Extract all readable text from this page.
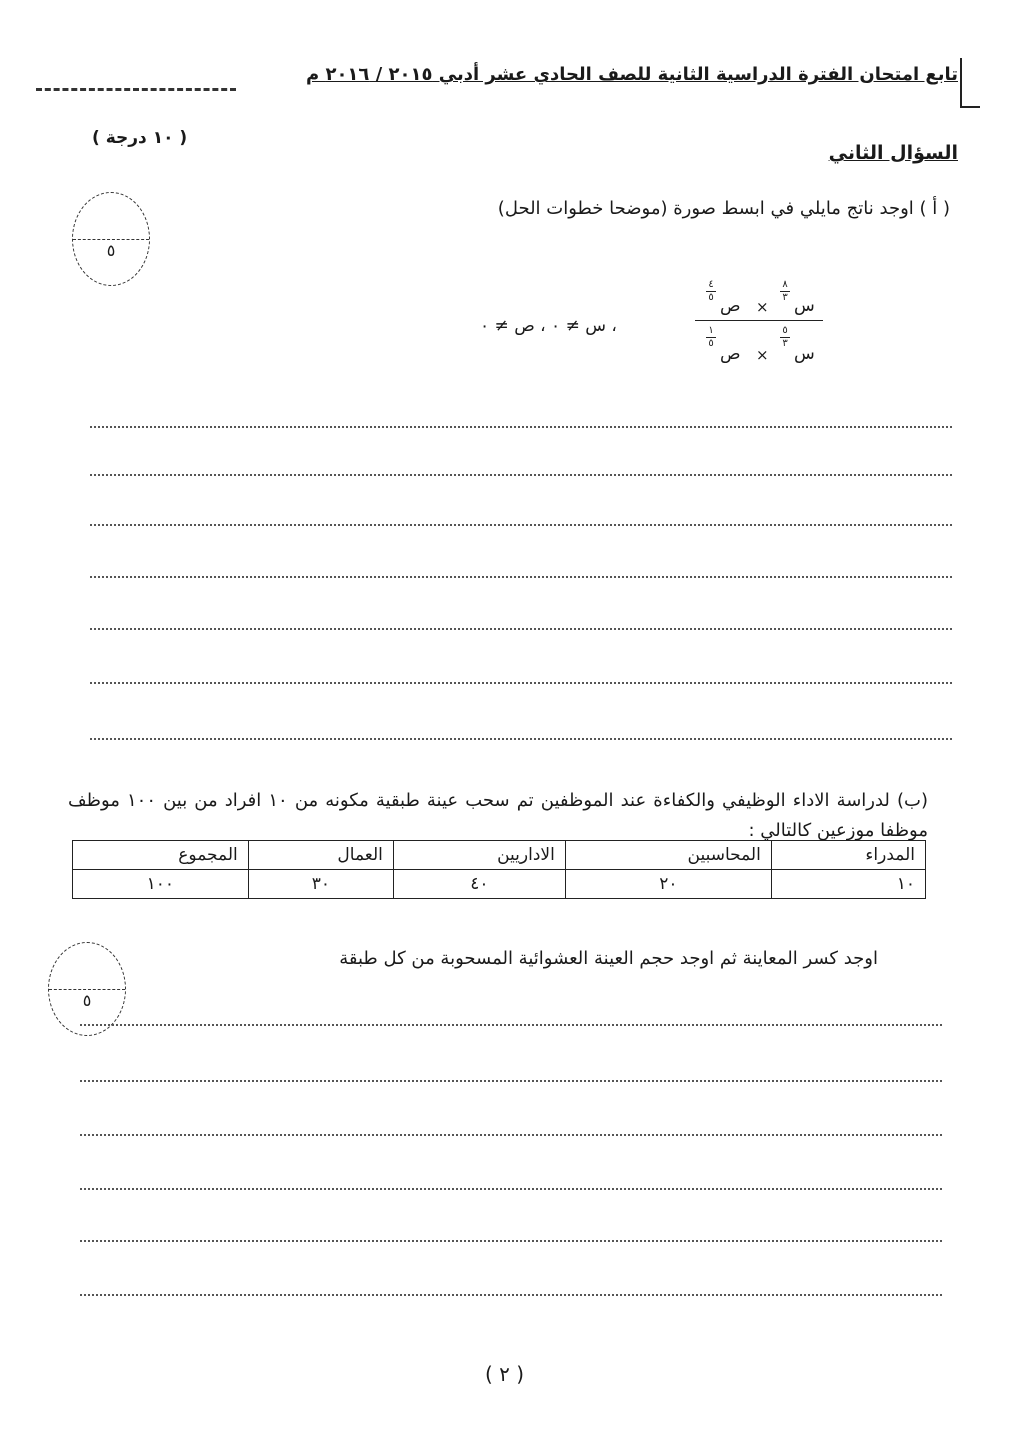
تابع امتحان الفترة الدراسية الثانية للصف الحادي عشر أدبي ٢٠١٥ / ٢٠١٦ م
( ١٠ درجة )
السؤال الثاني
( أ ) اوجد ناتج مايلي في ابسط صورة (موضحا خطوات الحل)
٥
ص
٤
٥
× س
٨
٣
ص
١
٥
× س
٥
٣
، س ≠ ٠ ، ص ≠ ٠
(ب) لدراسة الاداء الوظيفي والكفاءة عند الموظفين تم سحب عينة طبقية مكونه من ١٠ افراد من بين ١٠٠ موظف موظفا موزعين كالتالي :
المدراء	المحاسبين	الاداريين	العمال	المجموع
١٠	٢٠	٤٠	٣٠	١٠٠
اوجد كسر المعاينة ثم اوجد حجم العينة العشوائية المسحوبة من كل طبقة
٥
( ٢ )
